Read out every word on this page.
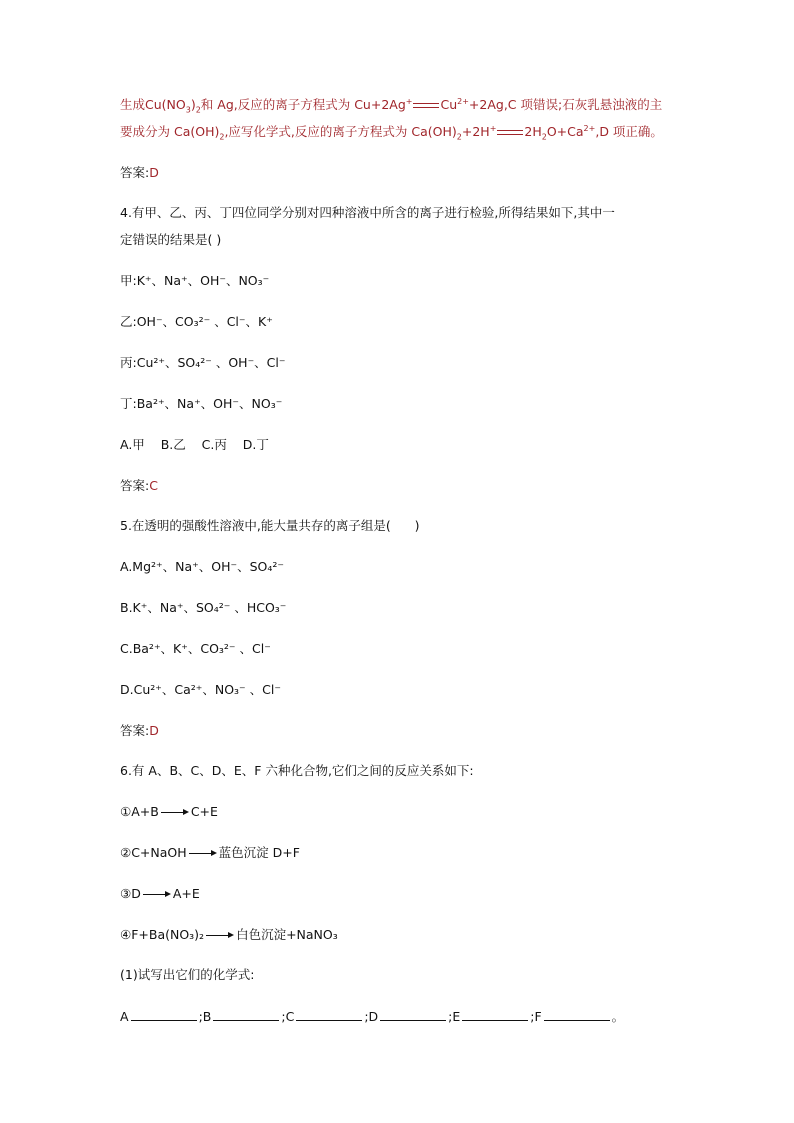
生成$Cu(NO_3)_2$和 Ag,反应的离子方程式为 Cu+2Ag+ $Cu^{2+}+2Ag,C$ 项错误;石灰乳悬浊液的主
要成分为 $Ca(OH)_2$,应写化学式,反应的离子方程式为 $Ca(OH)_2+2H^+$ $2H_2O+Ca^{2+},D$ 项正确。
答案:D
4.有甲、乙、丙、丁四位同学分别对四种溶液中所含的离子进行检验,所得结果如下,其中一
定错误的结果是( )
甲:K⁺、Na⁺、OH⁻、NO₃⁻
乙:OH⁻、CO₃²⁻ 、Cl⁻、K⁺
丙:Cu²⁺、SO₄²⁻ 、OH⁻、Cl⁻
丁:Ba²⁺、Na⁺、OH⁻、NO₃⁻
A.甲    B.乙    C.丙    D.丁
答案:C
5.在透明的强酸性溶液中,能大量共存的离子组是(      )
A.Mg²⁺、Na⁺、OH⁻、SO₄²⁻
B.K⁺、Na⁺、SO₄²⁻ 、HCO₃⁻
C.Ba²⁺、K⁺、CO₃²⁻ 、Cl⁻
D.Cu²⁺、Ca²⁺、NO₃⁻ 、Cl⁻
答案:D
6.有 A、B、C、D、E、F 六种化合物,它们之间的反应关系如下:
①A+B	C+E
②C+NaOH	蓝色沉淀 D+F
③D	A+E
④F+Ba(NO₃)₂	白色沉淀+NaNO₃
(1)试写出它们的化学式:
A	;B	;C	;D	;E	;F	。
